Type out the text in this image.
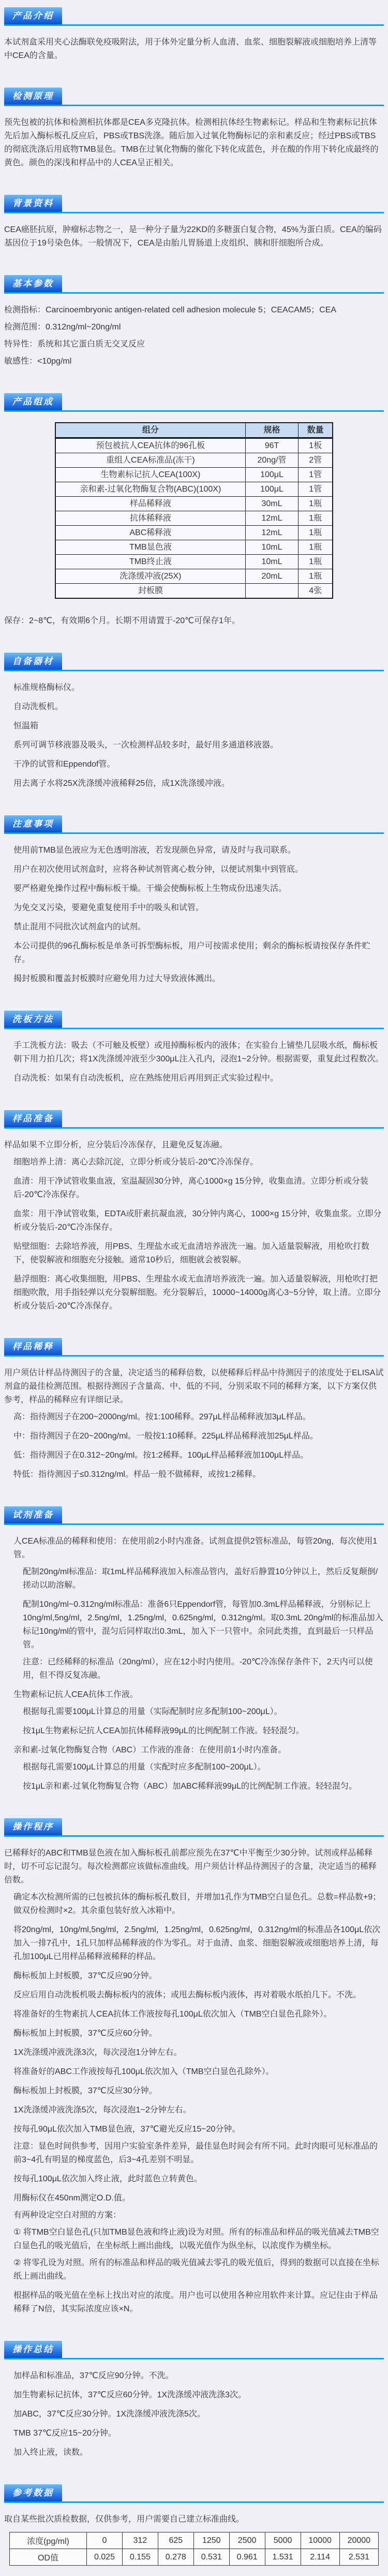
产品介绍

本试剂盒采用夹心法酶联免疫吸附法，用于体外定量分析人血清、血浆、细胞裂解液或细胞培养上清等中CEA的含量。

检测原理

预先包被的抗体和检测相抗体都是CEA多克隆抗体。检测相抗体经生物素标记。样品和生物素标记抗体先后加入酶标板孔反应后，PBS或TBS洗涤。随后加入过氧化物酶标记的亲和素反应；经过PBS或TBS的彻底洗涤后用底物TMB显色。TMB在过氧化物酶的催化下转化成蓝色，并在酸的作用下转化成最终的黄色。颜色的深浅和样品中的人CEA呈正相关。

背景资料

CEA癌胚抗原，肿瘤标志物之一，是一种分子量为22KD的多糖蛋白复合物，45%为蛋白质。CEA的编码基因位于19号染色体。一般情况下，CEA是由胎儿胃肠道上皮组织、胰和肝细胞所合成。

基本参数

检测指标：Carcinoembryonic antigen-related cell adhesion molecule 5；CEACAM5；CEA

检测范围：0.312ng/ml~20ng/ml

特异性：系统和其它蛋白质无交叉反应

敏感性：<10pg/ml

产品组成
组分	规格	数量
预包被抗人CEA抗体的96孔板	96T	1板
重组人CEA标准品(冻干)	20ng/管	2管
生物素标记抗人CEA(100X)	100μL	1管
亲和素-过氧化物酶复合物(ABC)(100X)	100μL	1管
样品稀释液	30mL	1瓶
抗体稀释液	12mL	1瓶
ABC稀释液	12mL	1瓶
TMB显色液	10mL	1瓶
TMB终止液	10mL	1瓶
洗涤缓冲液(25X)	20mL	1瓶
封板膜		4张

保存：2~8℃，有效期6个月。长期不用请置于-20℃可保存1年。

自备器材

标准规格酶标仪。

自动洗板机。

恒温箱

系列可调节移液器及吸头，一次检测样品较多时，最好用多通道移液器。

干净的试管和Eppendof管。

用去离子水将25X洗涤缓冲液稀释25倍，成1X洗涤缓冲液。

注意事项

使用前TMB显色液应为无色透明溶液，若发现颜色异常，请及时与我司联系。

用户在初次使用试剂盒时，应将各种试剂管离心数分钟，以便试剂集中到管底。

要严格避免操作过程中酶标板干燥。干燥会使酶标板上生物成份迅速失活。

为免交叉污染，要避免重复使用手中的吸头和试管。

禁止混用不同批次试剂盒内的试剂。

本公司提供的96孔酶标板是单条可拆型酶标板，用户可按需求使用；剩余的酶标板请按保存条件贮存。

揭封板膜和覆盖封板膜时应避免用力过大导致液体溅出。

洗板方法

手工洗板方法：吸去（不可触及板壁）或甩掉酶标板内的液体；在实验台上铺垫几层吸水纸，酶标板朝下用力拍几次；将1X洗涤缓冲液至少300μL注入孔内，浸泡1~2分钟。根据需要，重复此过程数次。

自动洗板：如果有自动洗板机，应在熟练使用后再用到正式实验过程中。

样品准备

样品如果不立即分析，应分装后冷冻保存，且避免反复冻融。

细胞培养上清：离心去除沉淀，立即分析或分装后-20℃冷冻保存。

血清：用干净试管收集血液，室温凝固30分钟，离心1000×g 15分钟，收集血清。立即分析或分装后-20℃冷冻保存。

血浆：用干净试管收集，EDTA或肝素抗凝血液，30分钟内离心，1000×g 15分钟，收集血浆。立即分析或分装后-20℃冷冻保存。

贴壁细胞：去除培养液，用PBS、生理盐水或无血清培养液洗一遍。加入适量裂解液，用枪吹打数下，使裂解液和细胞充分接触。通常10秒后，细胞就会被裂解。

悬浮细胞：离心收集细胞，用PBS、生理盐水或无血清培养液洗一遍。加入适量裂解液，用枪吹打把细胞吹散，用手指轻弹以充分裂解细胞。充分裂解后，10000~14000g离心3~5分钟，取上清。立即分析或分装后-20℃冷冻保存。

样品稀释

用户须估计样品待测因子的含量，决定适当的稀释倍数，以使稀释后样品中待测因子的浓度处于ELISA试剂盒的最佳检测范围。根据待测因子含量高、中、低的不同，分别采取不同的稀释方案，以下方案仅供参考，样品的稀释应有详细记录。

高：指待测因子在200~2000ng/ml。按1:100稀释。297μL样品稀释液加3μL样品。

中：指待测因子在20~200ng/ml。一般按1:10稀释。225μL样品稀释液加25μL样品。

低：指待测因子在0.312~20ng/ml。按1:2稀释。100μL样品稀释液加100μL样品。

特低：指待测因子≤0.312ng/ml。样品一般不做稀释，或按1:2稀释。

试剂准备

人CEA标准品的稀释和使用：在使用前2小时内准备。试剂盒提供2管标准品，每管20ng，每次使用1管。

配制20ng/ml标准品：取1mL样品稀释液加入标准品管内，盖好后静置10分钟以上，然后反复颠倒/搓动以助溶解。

配制10ng/ml~0.312ng/ml标准品：准备6只Eppendorf管，每管加0.3mL样品稀释液，分别标记上10ng/ml,5ng/ml，2.5ng/ml，1.25ng/ml，0.625ng/ml，0.312ng/ml。取0.3mL 20ng/ml的标准品加入标记10ng/ml的管中，混匀后同样取出0.3mL，加入下一只管中。余同此类推，直到最后一只样品管。

注意：已经稀释的标准品（20ng/ml），应在12小时内使用。-20℃冷冻保存条件下，2天内可以使用，但不得反复冻融。

生物素标记抗人CEA抗体工作液。

根据每孔需要100μL计算总的用量（实际配制时应多配制100~200μL）。

按1μL生物素标记抗人CEA加抗体稀释液99μL的比例配制工作液。轻轻混匀。

亲和素-过氧化物酶复合物（ABC）工作液的准备：在使用前1小时内准备。

根据每孔需要100μL计算总的用量（实配时应多配制100~200μL）。

按1μL亲和素-过氧化物酶复合物（ABC）加ABC稀释液99μL的比例配制工作液。轻轻混匀。

操作程序

已稀释好的ABC和TMB显色液在加入酶标板孔前都应预先在37℃中平衡至少30分钟。试剂或样品稀释时，切不可忘记混匀。每次检测都应该做标准曲线。用户须估计样品待测因子的含量，决定适当的稀释倍数。

确定本次检测所需的已包被抗体的酶标板孔数目，并增加1孔作为TMB空白显色孔。总数=样品数+9；做双份检测时×2。其余重包装好放入冰箱中。

将20ng/ml，10ng/ml,5ng/ml，2.5ng/ml，1.25ng/ml，0.625ng/ml，0.312ng/ml的标准品各100μL依次加入一排7孔中，1孔只加样品稀释液的作为零孔。对于血清、血浆、细胞裂解液或细胞培养上清，每孔加100μL已用样品稀释液稀释的样品。

酶标板加上封板膜，37℃反应90分钟。

反应后用自动洗板机吸去酶标板内的液体；或甩去酶标板内液体，再对着吸水纸拍几下。不洗。

将准备好的生物素抗人CEA抗体工作液按每孔100μL依次加入（TMB空白显色孔除外）。

酶标板加上封板膜，37℃反应60分钟。

1X洗涤缓冲液洗涤3次，每次浸泡1分钟左右。

将准备好的ABC工作液按每孔100μL依次加入（TMB空白显色孔除外）。

酶标板加上封板膜，37℃反应30分钟。

1X洗涤缓冲液洗涤5次，每次浸泡1~2分钟左右。

按每孔90μL依次加入TMB显色液，37℃避光反应15~20分钟。

注意：显色时间供参考，因用户实验室条件差异，最佳显色时间会有所不同。此时肉眼可见标准品的前3~4孔有明显的梯度蓝色，后3~4孔差别不明显。

按每孔100μL依次加入终止液，此时蓝色立转黄色。

用酶标仪在450nm测定O.D.值。

有两种设定空白对照的方案：

① 将TMB空白显色孔(只加TMB显色液和终止液)设为对照。所有的标准品和样品的吸光值减去TMB空白显色孔的吸光值后，在坐标纸上画出曲线，以吸光值作为纵坐标，以浓度作为横坐标。

② 将零孔设为对照。所有的标准品和样品的吸光值减去零孔的吸光值后，得到的数据可以直接在坐标纸上画出曲线。

根据样品的吸光值在坐标上找出对应的浓度。用户也可以使用各种应用软件来计算。应记住由于样品稀释了N倍，其实际浓度应该×N。

操作总结

加样品和标准品，37℃反应90分钟。不洗。

加生物素标记抗体，37℃反应60分钟。1X洗涤缓冲液洗涤3次。

加ABC，37℃反应30分钟。1X洗涤缓冲液洗涤5次。

TMB 37℃反应15~20分钟。

加入终止液，读数。

参考数据

取自某些批次质检数据，仅供参考，用户需要自己建立标准曲线。

浓度(pg/ml)	0	312	625	1250	2500	5000	10000	20000
OD值	0.025	0.155	0.278	0.531	0.961	1.531	2.114	2.531
